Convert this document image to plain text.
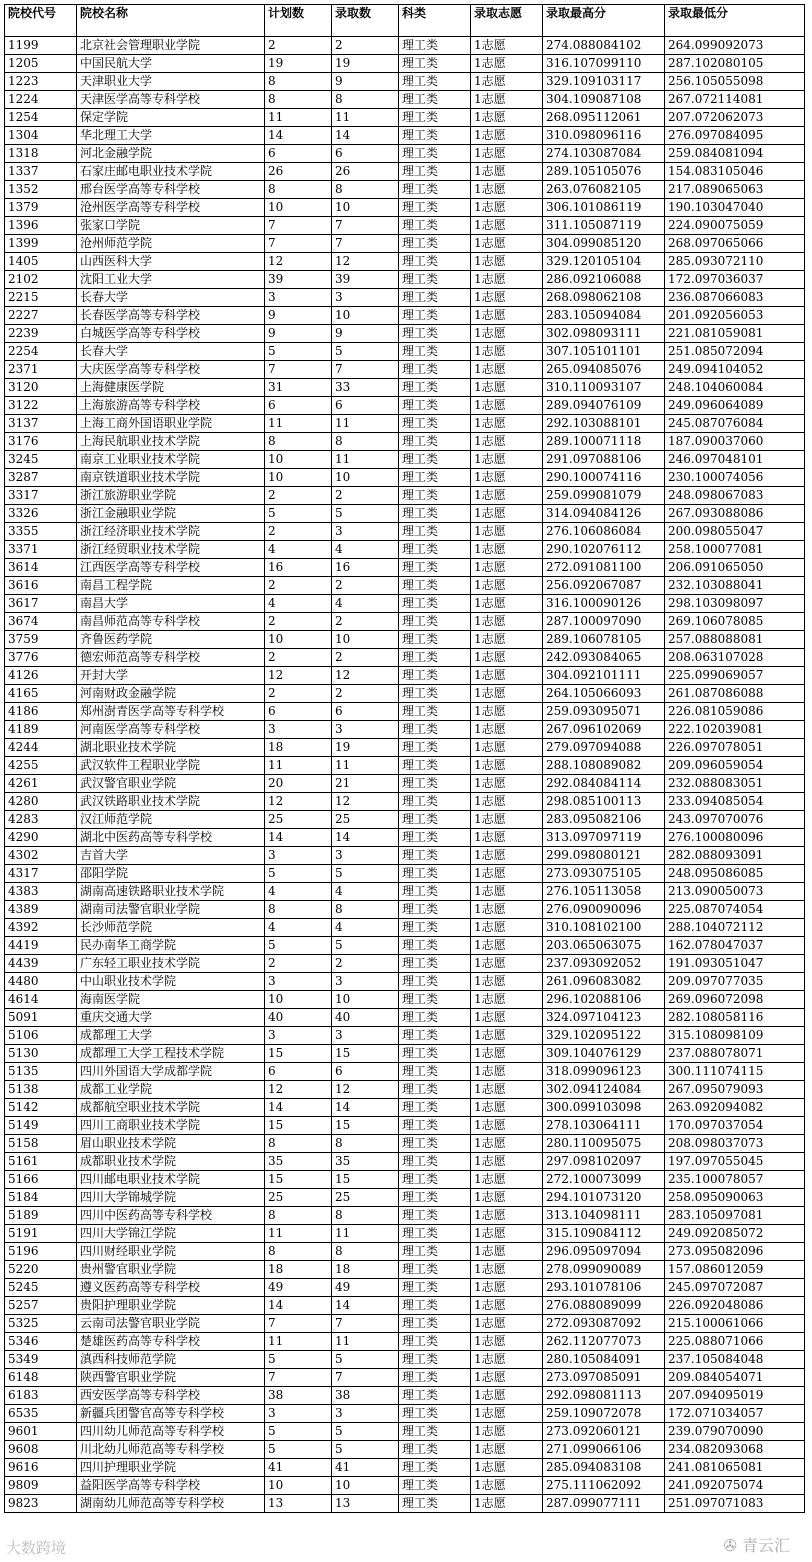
院校代号	院校名称	计划数	录取数	科类	录取志愿	录取最高分	录取最低分
1199	北京社会管理职业学院	2	2	理工类	1志愿	274.088084102	264.099092073
1205	中国民航大学	19	19	理工类	1志愿	316.107099110	287.102080105
1223	天津职业大学	8	9	理工类	1志愿	329.109103117	256.105055098
1224	天津医学高等专科学校	8	8	理工类	1志愿	304.109087108	267.072114081
1254	保定学院	11	11	理工类	1志愿	268.095112061	207.072062073
1304	华北理工大学	14	14	理工类	1志愿	310.098096116	276.097084095
1318	河北金融学院	6	6	理工类	1志愿	274.103087084	259.084081094
1337	石家庄邮电职业技术学院	26	26	理工类	1志愿	289.105105076	154.083105046
1352	邢台医学高等专科学校	8	8	理工类	1志愿	263.076082105	217.089065063
1379	沧州医学高等专科学校	10	10	理工类	1志愿	306.101086119	190.103047040
1396	张家口学院	7	7	理工类	1志愿	311.105087119	224.090075059
1399	沧州师范学院	7	7	理工类	1志愿	304.099085120	268.097065066
1405	山西医科大学	12	12	理工类	1志愿	329.120105104	285.093072110
2102	沈阳工业大学	39	39	理工类	1志愿	286.092106088	172.097036037
2215	长春大学	3	3	理工类	1志愿	268.098062108	236.087066083
2227	长春医学高等专科学校	9	10	理工类	1志愿	283.105094084	201.092056053
2239	白城医学高等专科学校	9	9	理工类	1志愿	302.098093111	221.081059081
2254	长春大学	5	5	理工类	1志愿	307.105101101	251.085072094
2371	大庆医学高等专科学校	7	7	理工类	1志愿	265.094085076	249.094104052
3120	上海健康医学院	31	33	理工类	1志愿	310.110093107	248.104060084
3122	上海旅游高等专科学校	6	6	理工类	1志愿	289.094076109	249.096064089
3137	上海工商外国语职业学院	11	11	理工类	1志愿	292.103088101	245.087076084
3176	上海民航职业技术学院	8	8	理工类	1志愿	289.100071118	187.090037060
3245	南京工业职业技术学院	10	11	理工类	1志愿	291.097088106	246.097048101
3287	南京铁道职业技术学院	10	10	理工类	1志愿	290.100074116	230.100074056
3317	浙江旅游职业学院	2	2	理工类	1志愿	259.099081079	248.098067083
3326	浙江金融职业学院	5	5	理工类	1志愿	314.094084126	267.093088086
3355	浙江经济职业技术学院	2	3	理工类	1志愿	276.106086084	200.098055047
3371	浙江经贸职业技术学院	4	4	理工类	1志愿	290.102076112	258.100077081
3614	江西医学高等专科学校	16	16	理工类	1志愿	272.091081100	206.091065050
3616	南昌工程学院	2	2	理工类	1志愿	256.092067087	232.103088041
3617	南昌大学	4	4	理工类	1志愿	316.100090126	298.103098097
3674	南昌师范高等专科学校	2	2	理工类	1志愿	287.100097090	269.106078085
3759	齐鲁医药学院	10	10	理工类	1志愿	289.106078105	257.088088081
3776	德宏师范高等专科学校	2	2	理工类	1志愿	242.093084065	208.063107028
4126	开封大学	12	12	理工类	1志愿	304.092101111	225.099069057
4165	河南财政金融学院	2	2	理工类	1志愿	264.105066093	261.087086088
4186	郑州澍青医学高等专科学校	6	6	理工类	1志愿	259.093095071	226.081059086
4189	河南医学高等专科学校	3	3	理工类	1志愿	267.096102069	222.102039081
4244	湖北职业技术学院	18	19	理工类	1志愿	279.097094088	226.097078051
4255	武汉软件工程职业学院	11	11	理工类	1志愿	288.108089082	209.096059054
4261	武汉警官职业学院	20	21	理工类	1志愿	292.084084114	232.088083051
4280	武汉铁路职业技术学院	12	12	理工类	1志愿	298.085100113	233.094085054
4283	汉江师范学院	25	25	理工类	1志愿	283.095082106	243.097070076
4290	湖北中医药高等专科学校	14	14	理工类	1志愿	313.097097119	276.100080096
4302	吉首大学	3	3	理工类	1志愿	299.098080121	282.088093091
4317	邵阳学院	5	5	理工类	1志愿	273.093075105	248.095086085
4383	湖南高速铁路职业技术学院	4	4	理工类	1志愿	276.105113058	213.090050073
4389	湖南司法警官职业学院	8	8	理工类	1志愿	276.090090096	225.087074054
4392	长沙师范学院	4	4	理工类	1志愿	310.108102100	288.104072112
4419	民办南华工商学院	5	5	理工类	1志愿	203.065063075	162.078047037
4439	广东轻工职业技术学院	2	2	理工类	1志愿	237.093092052	191.093051047
4480	中山职业技术学院	3	3	理工类	1志愿	261.096083082	209.097077035
4614	海南医学院	10	10	理工类	1志愿	296.102088106	269.096072098
5091	重庆交通大学	40	40	理工类	1志愿	324.097104123	282.108058116
5106	成都理工大学	3	3	理工类	1志愿	329.102095122	315.108098109
5130	成都理工大学工程技术学院	15	15	理工类	1志愿	309.104076129	237.088078071
5135	四川外国语大学成都学院	6	6	理工类	1志愿	318.099096123	300.111074115
5138	成都工业学院	12	12	理工类	1志愿	302.094124084	267.095079093
5142	成都航空职业技术学院	14	14	理工类	1志愿	300.099103098	263.092094082
5149	四川工商职业技术学院	15	15	理工类	1志愿	278.103064111	170.097037054
5158	眉山职业技术学院	8	8	理工类	1志愿	280.110095075	208.098037073
5161	成都职业技术学院	35	35	理工类	1志愿	297.098102097	197.097055045
5166	四川邮电职业技术学院	15	15	理工类	1志愿	272.100073099	235.100078057
5184	四川大学锦城学院	25	25	理工类	1志愿	294.101073120	258.095090063
5189	四川中医药高等专科学校	8	8	理工类	1志愿	313.104098111	283.105097081
5191	四川大学锦江学院	11	11	理工类	1志愿	315.109084112	249.092085072
5196	四川财经职业学院	8	8	理工类	1志愿	296.095097094	273.095082096
5220	贵州警官职业学院	18	18	理工类	1志愿	278.099090089	157.086012059
5245	遵义医药高等专科学校	49	49	理工类	1志愿	293.101078106	245.097072087
5257	贵阳护理职业学院	14	14	理工类	1志愿	276.088089099	226.092048086
5325	云南司法警官职业学院	7	7	理工类	1志愿	272.093087092	215.100061066
5346	楚雄医药高等专科学校	11	11	理工类	1志愿	262.112077073	225.088071066
5349	滇西科技师范学院	5	5	理工类	1志愿	280.105084091	237.105084048
6148	陕西警官职业学院	7	7	理工类	1志愿	273.097085091	209.084054071
6183	西安医学高等专科学校	38	38	理工类	1志愿	292.098081113	207.094095019
6535	新疆兵团警官高等专科学校	3	3	理工类	1志愿	259.109072078	172.071034057
9601	四川幼儿师范高等专科学校	5	5	理工类	1志愿	273.092060121	239.079070090
9608	川北幼儿师范高等专科学校	5	5	理工类	1志愿	271.099066106	234.082093068
9616	四川护理职业学院	41	41	理工类	1志愿	285.094083108	241.081065081
9809	益阳医学高等专科学校	10	10	理工类	1志愿	275.111062092	241.092075074
9823	湖南幼儿师范高等专科学校	13	13	理工类	1志愿	287.099077111	251.097071083
大数跨境	✇ 青云汇
